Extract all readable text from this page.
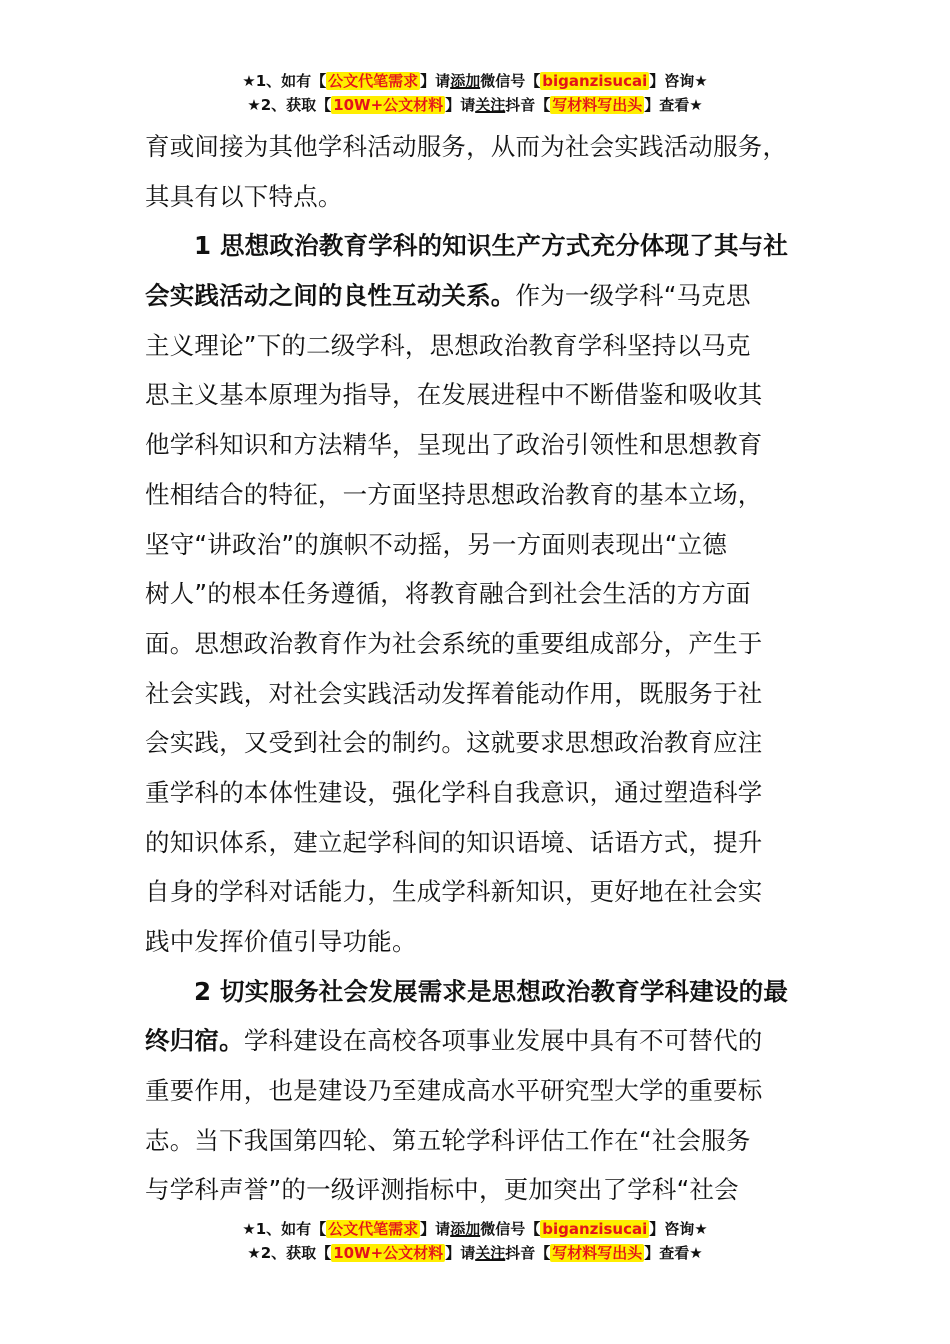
★1、如有【 公文代笔需求 】请添加微信号【 biganzisucai 】咨询★
★2、获取【 10W+公文材料 】请关注抖音【 写材料写出头 】查看★
育或间接为其他学科活动服务，从而为社会实践活动服务，
其具有以下特点。
1 思想政治教育学科的知识生产方式充分体现了其与社
会实践活动之间的良性互动关系。作为一级学科“马克思
主义理论”下的二级学科，思想政治教育学科坚持以马克
思主义基本原理为指导，在发展进程中不断借鉴和吸收其
他学科知识和方法精华，呈现出了政治引领性和思想教育
性相结合的特征，一方面坚持思想政治教育的基本立场，
坚守“讲政治”的旗帜不动摇，另一方面则表现出“立德
树人”的根本任务遵循，将教育融合到社会生活的方方面
面。思想政治教育作为社会系统的重要组成部分，产生于
社会实践，对社会实践活动发挥着能动作用，既服务于社
会实践，又受到社会的制约。这就要求思想政治教育应注
重学科的本体性建设，强化学科自我意识，通过塑造科学
的知识体系，建立起学科间的知识语境、话语方式，提升
自身的学科对话能力，生成学科新知识，更好地在社会实
践中发挥价值引导功能。
2 切实服务社会发展需求是思想政治教育学科建设的最
终归宿。学科建设在高校各项事业发展中具有不可替代的
重要作用，也是建设乃至建成高水平研究型大学的重要标
志。当下我国第四轮、第五轮学科评估工作在“社会服务
与学科声誉”的一级评测指标中，更加突出了学科“社会
★1、如有【 公文代笔需求 】请添加微信号【 biganzisucai 】咨询★
★2、获取【 10W+公文材料 】请关注抖音【 写材料写出头 】查看★
